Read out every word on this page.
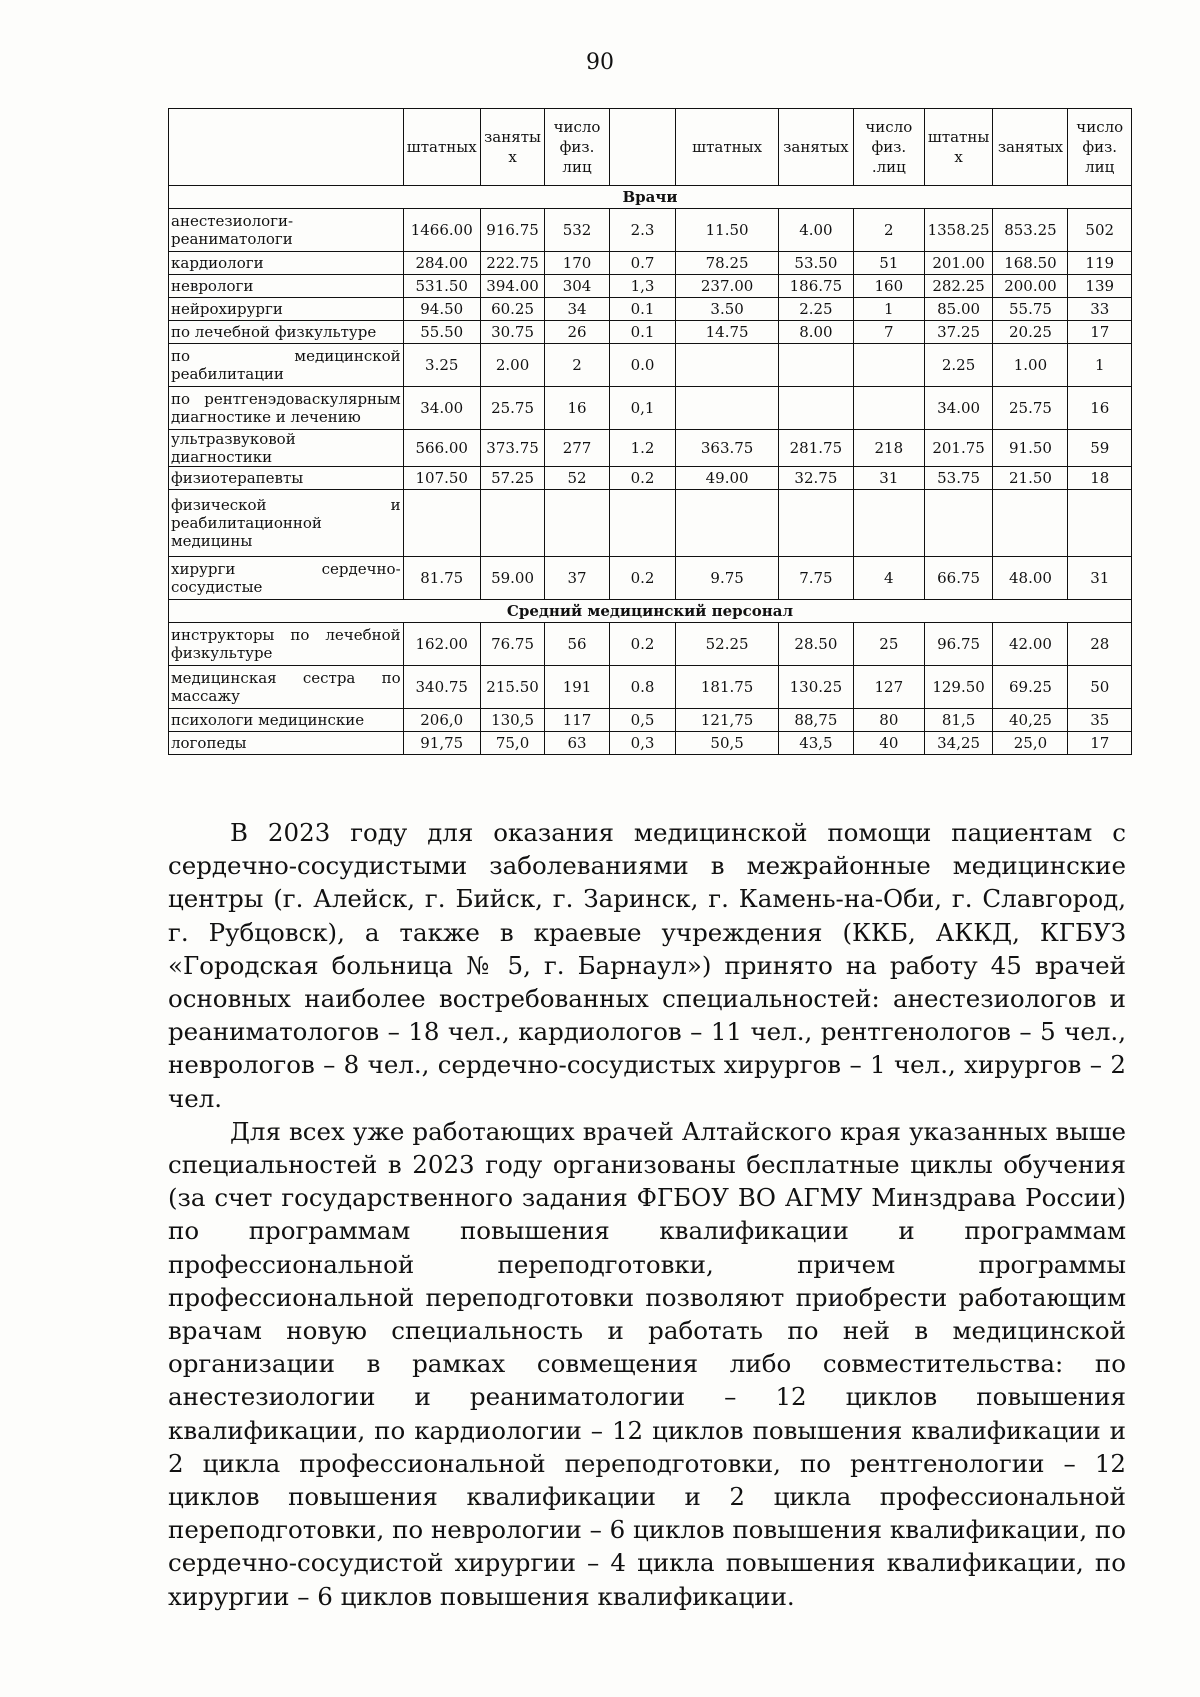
90
	штатных	заняты х	число физ. лиц		штатных	занятых	число физ. .лиц	штатны х	занятых	число физ. лиц
Врачи										
анестезиологи-реаниматологи	1466.00	916.75	532	2.3	11.50	4.00	2	1358.25	853.25	502
кардиологи	284.00	222.75	170	0.7	78.25	53.50	51	201.00	168.50	119
неврологи	531.50	394.00	304	1,3	237.00	186.75	160	282.25	200.00	139
нейрохирурги	94.50	60.25	34	0.1	3.50	2.25	1	85.00	55.75	33
по лечебной физкультуре	55.50	30.75	26	0.1	14.75	8.00	7	37.25	20.25	17
по медицинской реабилитации	3.25	2.00	2	0.0				2.25	1.00	1
по рентгенэдоваскулярным диагностике и лечению	34.00	25.75	16	0,1				34.00	25.75	16
ультразвуковой диагностики	566.00	373.75	277	1.2	363.75	281.75	218	201.75	91.50	59
физиотерапевты	107.50	57.25	52	0.2	49.00	32.75	31	53.75	21.50	18
физической и реабилитационной медицины										
хирурги сердечно-сосудистые	81.75	59.00	37	0.2	9.75	7.75	4	66.75	48.00	31
Средний медицинский персонал										
инструкторы по лечебной физкультуре	162.00	76.75	56	0.2	52.25	28.50	25	96.75	42.00	28
медицинская сестра по массажу	340.75	215.50	191	0.8	181.75	130.25	127	129.50	69.25	50
психологи медицинские	206,0	130,5	117	0,5	121,75	88,75	80	81,5	40,25	35
логопеды	91,75	75,0	63	0,3	50,5	43,5	40	34,25	25,0	17

В 2023 году для оказания медицинской помощи пациентам с сердечно-сосудистыми заболеваниями в межрайонные медицинские центры (г. Алейск, г. Бийск, г. Заринск, г. Камень-на-Оби, г. Славгород, г. Рубцовск), а также в краевые учреждения (ККБ, АККД, КГБУЗ «Городская больница № 5, г. Барнаул») принято на работу 45 врачей основных наиболее востребованных специальностей: анестезиологов и реаниматологов – 18 чел., кардиологов – 11 чел., рентгенологов – 5 чел., неврологов – 8 чел., сердечно-сосудистых хирургов – 1 чел., хирургов – 2 чел.

Для всех уже работающих врачей Алтайского края указанных выше специальностей в 2023 году организованы бесплатные циклы обучения (за счет государственного задания ФГБОУ ВО АГМУ Минздрава России) по программам повышения квалификации и программам профессиональной переподготовки, причем программы профессиональной переподготовки позволяют приобрести работающим врачам новую специальность и работать по ней в медицинской организации в рамках совмещения либо совместительства: по анестезиологии и реаниматологии – 12 циклов повышения квалификации, по кардиологии – 12 циклов повышения квалификации и 2 цикла профессиональной переподготовки, по рентгенологии – 12 циклов повышения квалификации и 2 цикла профессиональной переподготовки, по неврологии – 6 циклов повышения квалификации, по сердечно-сосудистой хирургии – 4 цикла повышения квалификации, по хирургии – 6 циклов повышения квалификации.
